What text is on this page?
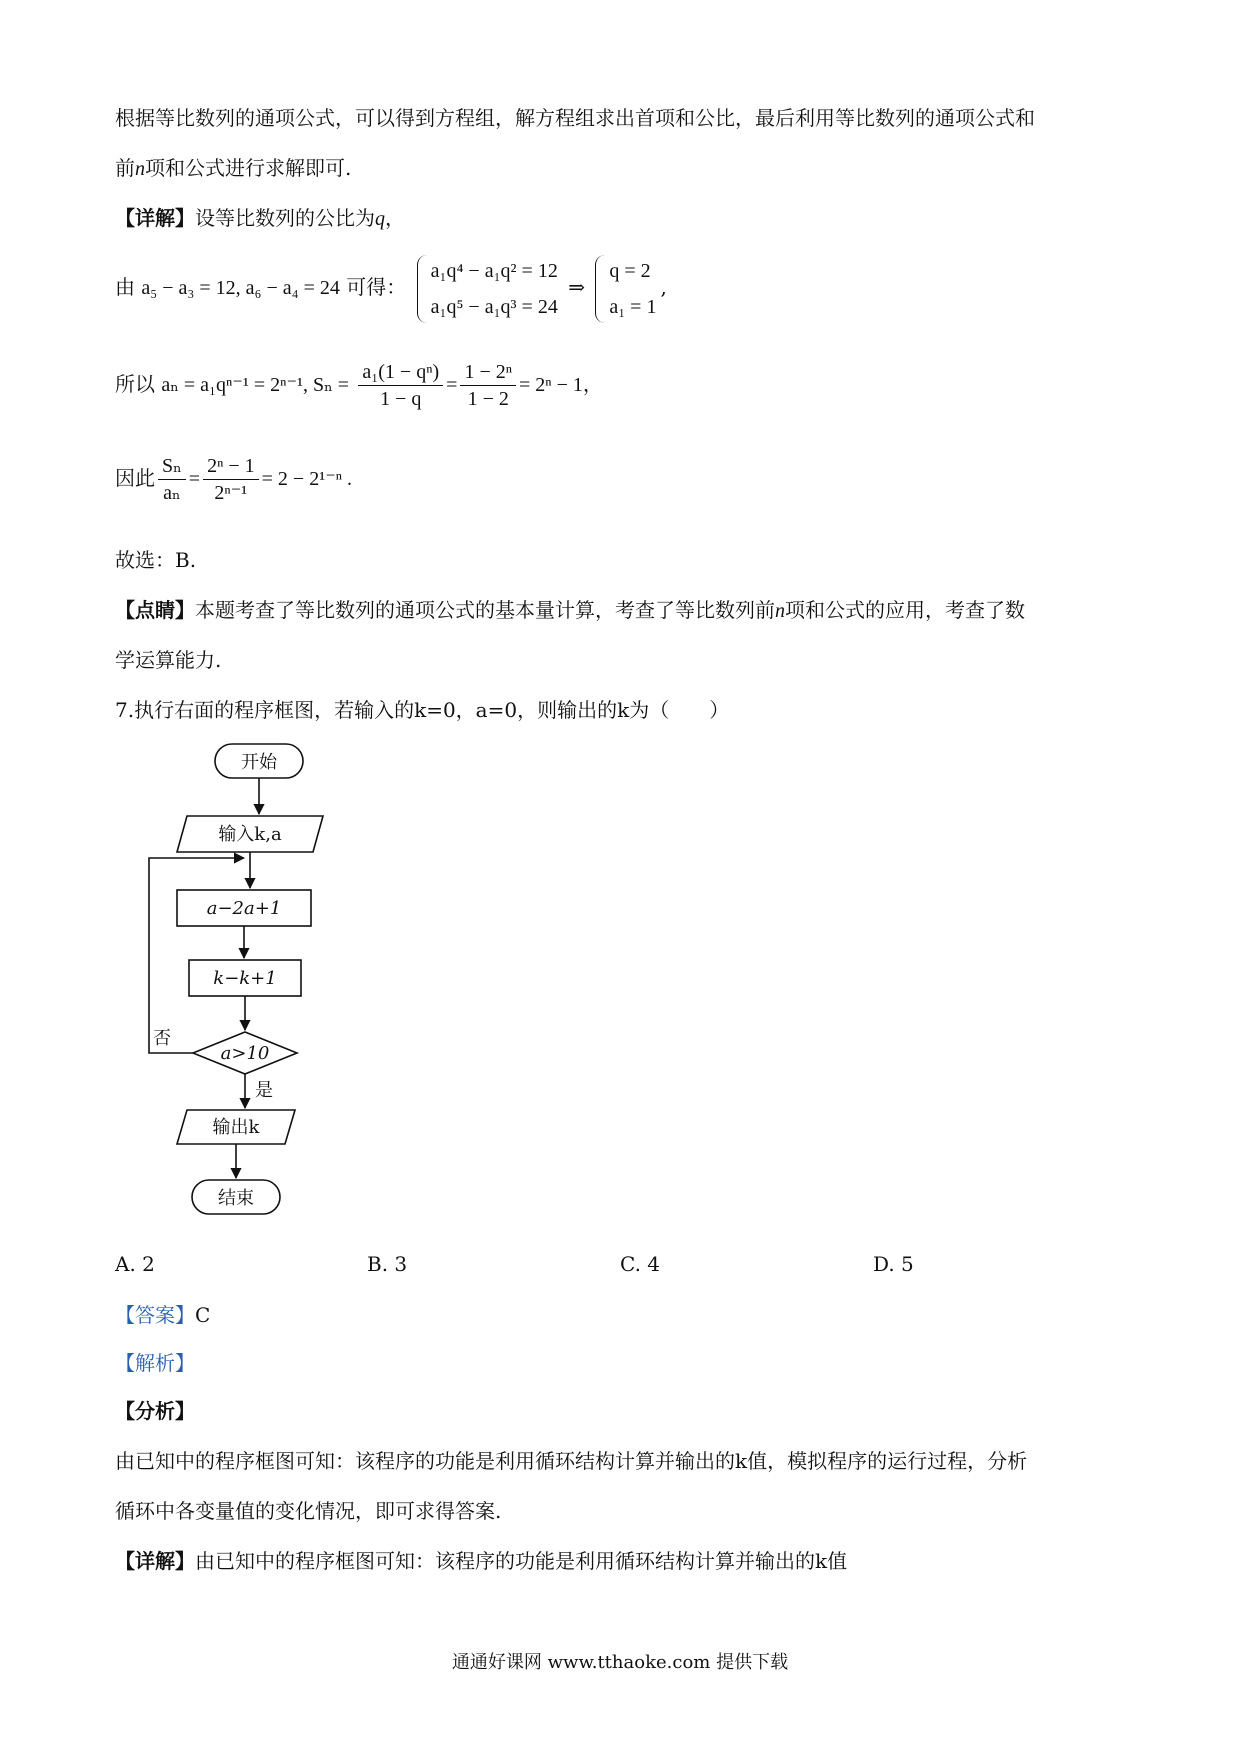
根据等比数列的通项公式，可以得到方程组，解方程组求出首项和公比，最后利用等比数列的通项公式和
前n项和公式进行求解即可.
【详解】设等比数列的公比为q，
由 a₅ − a₃ = 12, a₆ − a₄ = 24 可得：
a₁q⁴ − a₁q² = 12
a₁q⁵ − a₁q³ = 24
⇒
q = 2
a₁ = 1
,
所以 aₙ = a₁qⁿ⁻¹ = 2ⁿ⁻¹, $S_n = \frac{\text{a₁(1 − qⁿ)}}{1 - q} = \frac{\text{1 − 2ⁿ}}{1 - 2} = 2^n - 1$，
因此 $\frac{\text{Sₙ}}{\text{aₙ}} = \frac{\text{2ⁿ − 1}}{\text{2ⁿ⁻¹}} = 2 - 2^{1-n}$ .
故选：B.
【点睛】本题考查了等比数列的通项公式的基本量计算，考查了等比数列前n项和公式的应用，考查了数
学运算能力.
7.执行右面的程序框图，若输入的k=0，a=0，则输出的k为（　　）
开始
输入k,a
a−2a+1
k−k+1
a>10
否
是
输出k
结束
A. 2	B. 3	C. 4	D. 5
【答案】C
【解析】
【分析】
由已知中的程序框图可知：该程序的功能是利用循环结构计算并输出的k值，模拟程序的运行过程，分析
循环中各变量值的变化情况，即可求得答案.
【详解】由已知中的程序框图可知：该程序的功能是利用循环结构计算并输出的k值
通通好课网 www.tthaoke.com 提供下载
